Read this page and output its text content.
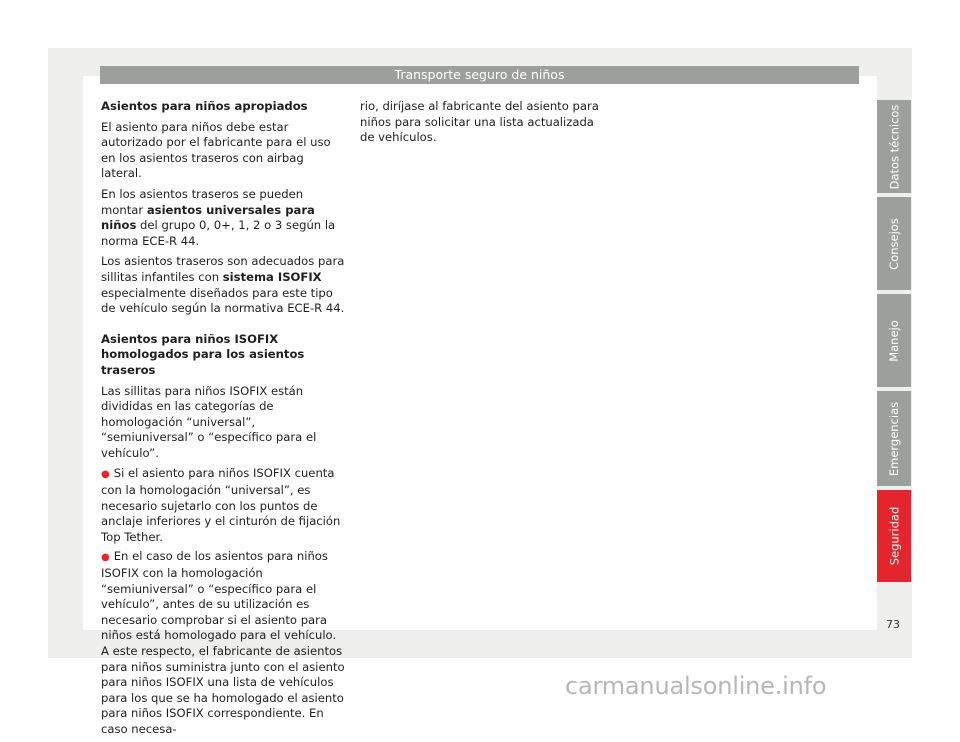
Transporte seguro de niños

Asientos para niños apropiados

El asiento para niños debe estar autorizado por el fabricante para el uso en los asientos traseros con airbag lateral.

En los asientos traseros se pueden montar asientos universales para niños del grupo 0, 0+, 1, 2 o 3 según la norma ECE-R 44.

Los asientos traseros son adecuados para sillitas infantiles con sistema ISOFIX especialmente diseñados para este tipo de vehículo según la normativa ECE-R 44.

Asientos para niños ISOFIX homologados para los asientos traseros

Las sillitas para niños ISOFIX están divididas en las categorías de homologación “universal”, “semiuniversal” o “específico para el vehículo”.

● Si el asiento para niños ISOFIX cuenta con la homologación “universal”, es necesario sujetarlo con los puntos de anclaje inferiores y el cinturón de fijación Top Tether.

● En el caso de los asientos para niños ISOFIX con la homologación “semiuniversal” o “específico para el vehículo”, antes de su utilización es necesario comprobar si el asiento para niños está homologado para el vehículo. A este respecto, el fabricante de asientos para niños suministra junto con el asiento para niños ISOFIX una lista de vehículos para los que se ha homologado el asiento para niños ISOFIX correspondiente. En caso necesa-

rio, diríjase al fabricante del asiento para niños para solicitar una lista actualizada de vehículos.	Datos técnicos
Consejos
Manejo
Emergencias
Seguridad
73
carmanualsonline.info
